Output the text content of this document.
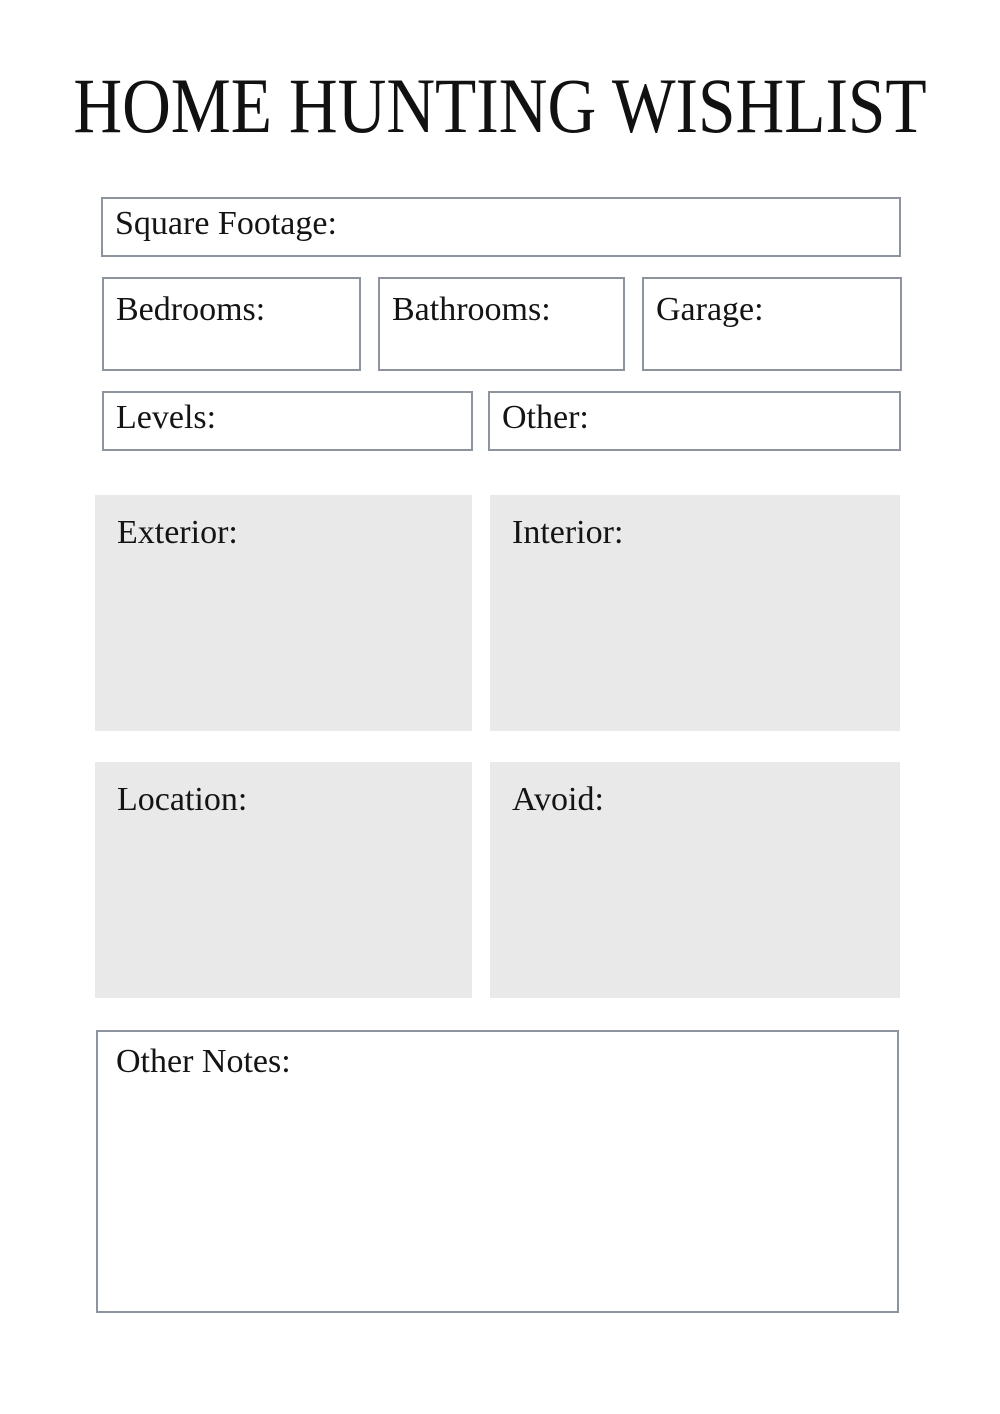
HOME HUNTING WISHLIST
Square Footage:
Bedrooms:	Bathrooms:	Garage:
Levels:	Other:
Exterior:	Interior:
Location:	Avoid:
Other Notes:
